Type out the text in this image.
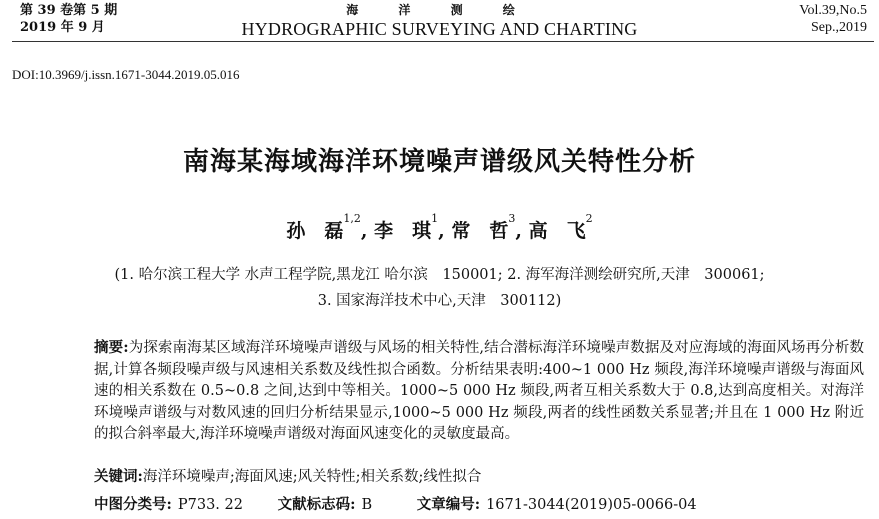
第 39 卷第 5 期
2019 年 9 月
海 洋 测 绘
HYDROGRAPHIC SURVEYING AND CHARTING
Vol.39,No.5
Sep.,2019
DOI:10.3969/j.issn.1671-3044.2019.05.016
南海某海域海洋环境噪声谱级风关特性分析
孙　磊$^{1,2}$, 李　琪$^1$, 常　哲$^3$, 高　飞$^2$
(1. 哈尔滨工程大学 水声工程学院,黑龙江 哈尔滨　150001; 2. 海军海洋测绘研究所,天津　300061;
3. 国家海洋技术中心,天津　300112)
摘要:为探索南海某区域海洋环境噪声谱级与风场的相关特性,结合潜标海洋环境噪声数据及对应海域的海面风场再分析数据,计算各频段噪声级与风速相关系数及线性拟合函数。分析结果表明:400~1 000 Hz 频段,海洋环境噪声谱级与海面风速的相关系数在 0.5~0.8 之间,达到中等相关。1000~5 000 Hz 频段,两者互相关系数大于 0.8,达到高度相关。对海洋环境噪声谱级与对数风速的回归分析结果显示,1000~5 000 Hz 频段,两者的线性函数关系显著;并且在 1 000 Hz 附近的拟合斜率最大,海洋环境噪声谱级对海面风速变化的灵敏度最高。
关键词:海洋环境噪声;海面风速;风关特性;相关系数;线性拟合
中图分类号: P733. 22 文献标志码: B	文章编号: 1671-3044(2019)05-0066-04
